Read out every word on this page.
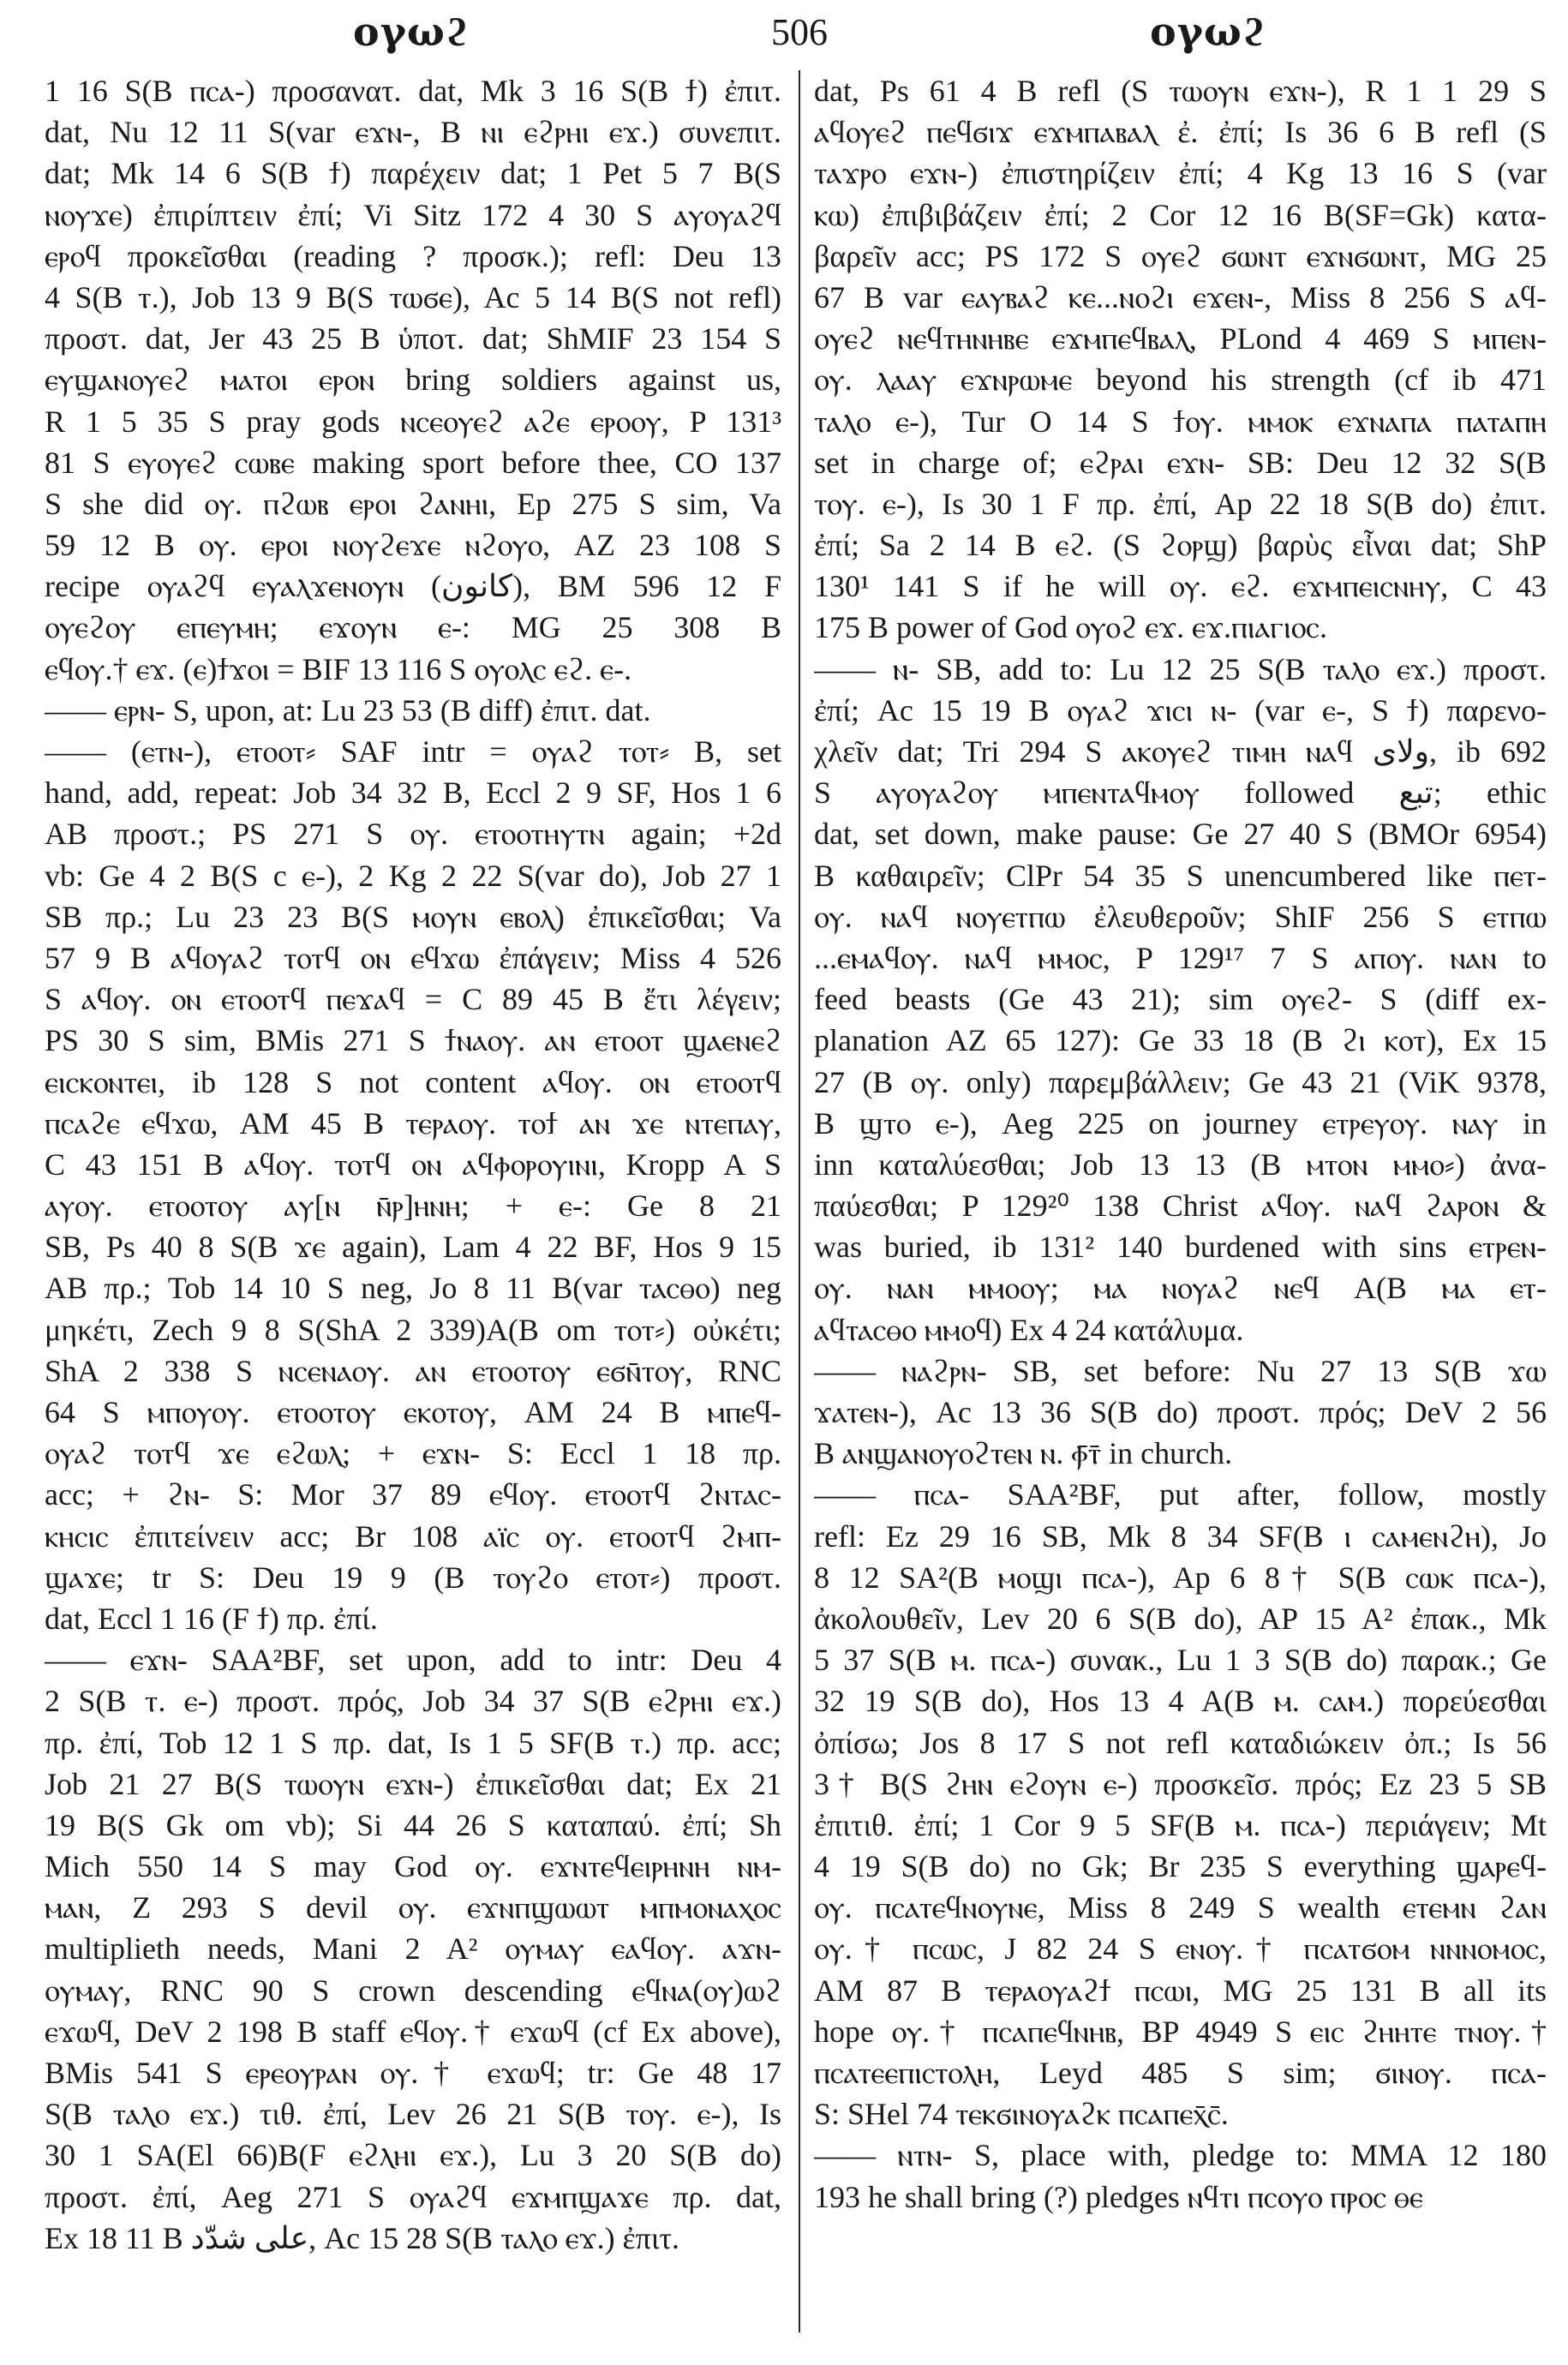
ογωϩ	506	ογωϩ
1 16 S(B ⲡⲥⲁ-) προσανατ. dat, Mk 3 16 S(B ϯ) ἐπιτ.
dat, Nu 12 11 S(var ⲉϫⲛ-, B ⲛⲓ ⲉϩⲣⲏⲓ ⲉϫ.) συνεπιτ.
dat; Mk 14 6 S(B ϯ) παρέχειν dat; 1 Pet 5 7 B(S
ⲛⲟⲩϫⲉ) ἐπιρίπτειν ἐπί; Vi Sitz 172 4 30 S ⲁⲩⲟⲩⲁϩϥ
ⲉⲣⲟϥ προκεῖσθαι (reading ? προσκ.); refl: Deu 13
4 S(B ⲧ.), Job 13 9 B(S ⲧⲱϭⲉ), Ac 5 14 B(S not refl)
προστ. dat, Jer 43 25 B ὑποτ. dat; ShMIF 23 154 S
ⲉⲩϣⲁⲛⲟⲩⲉϩ ⲙⲁⲧⲟⲓ ⲉⲣⲟⲛ bring soldiers against us,
R 1 5 35 S pray gods ⲛⲥⲉⲟⲩⲉϩ ⲁϩⲉ ⲉⲣⲟⲟⲩ, P 131³
81 S ⲉⲩⲟⲩⲉϩ ⲥⲱⲃⲉ making sport before thee, CO 137
S she did ⲟⲩ. ⲡϩⲱⲃ ⲉⲣⲟⲓ ϩⲁⲛⲏⲓ, Ep 275 S sim, Va
59 12 B ⲟⲩ. ⲉⲣⲟⲓ ⲛⲟⲩϩⲉϫⲉ ⲛϩⲟⲩⲟ, AZ 23 108 S
recipe ⲟⲩⲁϩϥ ⲉⲩⲁⲗϫⲉⲛⲟⲩⲛ (كانون), BM 596 12 F
ⲟⲩⲉϩⲟⲩ ⲉⲡⲉⲩⲙⲏ; ⲉϫⲟⲩⲛ ⲉ-: MG 25 308 B
ⲉϥⲟⲩ.† ⲉϫ. (ⲉ)ϯϫⲟⲓ = BIF 13 116 S ⲟⲩⲟⲗⲥ ⲉϩ. ⲉ-.
—— ⲉⲣⲛ- S, upon, at: Lu 23 53 (B diff) ἐπιτ. dat.
—— (ⲉⲧⲛ-), ⲉⲧⲟⲟⲧ⸗ SAF intr = ⲟⲩⲁϩ ⲧⲟⲧ⸗ B, set
hand, add, repeat: Job 34 32 B, Eccl 2 9 SF, Hos 1 6
AB προστ.; PS 271 S ⲟⲩ. ⲉⲧⲟⲟⲧⲏⲩⲧⲛ again; +2d
vb: Ge 4 2 B(S c ⲉ-), 2 Kg 2 22 S(var do), Job 27 1
SB πρ.; Lu 23 23 B(S ⲙⲟⲩⲛ ⲉⲃⲟⲗ) ἐπικεῖσθαι; Va
57 9 B ⲁϥⲟⲩⲁϩ ⲧⲟⲧϥ ⲟⲛ ⲉϥϫⲱ ἐπάγειν; Miss 4 526
S ⲁϥⲟⲩ. ⲟⲛ ⲉⲧⲟⲟⲧϥ ⲡⲉϫⲁϥ = C 89 45 B ἔτι λέγειν;
PS 30 S sim, BMis 271 S ϯⲛⲁⲟⲩ. ⲁⲛ ⲉⲧⲟⲟⲧ ϣⲁⲉⲛⲉϩ
ⲉⲓⲥⲕⲟⲛⲧⲉⲓ, ib 128 S not content ⲁϥⲟⲩ. ⲟⲛ ⲉⲧⲟⲟⲧϥ
ⲡⲥⲁϩⲉ ⲉϥϫⲱ, AM 45 B ⲧⲉⲣⲁⲟⲩ. ⲧⲟϯ ⲁⲛ ϫⲉ ⲛⲧⲉⲡⲁⲩ,
C 43 151 B ⲁϥⲟⲩ. ⲧⲟⲧϥ ⲟⲛ ⲁϥⲫⲟⲣⲟⲩⲓⲛⲓ, Kropp A S
ⲁⲩⲟⲩ. ⲉⲧⲟⲟⲧⲟⲩ ⲁⲩ[ⲛ ⲛ̄ⲣ]ⲏⲛⲏ; + ⲉ-: Ge 8 21
SB, Ps 40 8 S(B ϫⲉ again), Lam 4 22 BF, Hos 9 15
AB πρ.; Tob 14 10 S neg, Jo 8 11 B(var ⲧⲁⲥⲑⲟ) neg
μηκέτι, Zech 9 8 S(ShA 2 339)A(B om ⲧⲟⲧ⸗) οὐκέτι;
ShA 2 338 S ⲛⲥⲉⲛⲁⲟⲩ. ⲁⲛ ⲉⲧⲟⲟⲧⲟⲩ ⲉϭⲛ̄ⲧⲟⲩ, RNC
64 S ⲙⲡⲟⲩⲟⲩ. ⲉⲧⲟⲟⲧⲟⲩ ⲉⲕⲟⲧⲟⲩ, AM 24 B ⲙⲡⲉϥ-
ⲟⲩⲁϩ ⲧⲟⲧϥ ϫⲉ ⲉϩⲱⲗ; + ⲉϫⲛ- S: Eccl 1 18 πρ.
acc; + ϩⲛ- S: Mor 37 89 ⲉϥⲟⲩ. ⲉⲧⲟⲟⲧϥ ϩⲛⲧⲁⲥ-
ⲕⲏⲥⲓⲥ ἐπιτείνειν acc; Br 108 ⲁⲓ̈ⲥ ⲟⲩ. ⲉⲧⲟⲟⲧϥ ϩⲙⲡ-
ϣⲁϫⲉ; tr S: Deu 19 9 (B ⲧⲟⲩϩⲟ ⲉⲧⲟⲧ⸗) προστ.
dat, Eccl 1 16 (F ϯ) πρ. ἐπί.
—— ⲉϫⲛ- SAA²BF, set upon, add to intr: Deu 4
2 S(B ⲧ. ⲉ-) προστ. πρός, Job 34 37 S(B ⲉϩⲣⲏⲓ ⲉϫ.)
πρ. ἐπί, Tob 12 1 S πρ. dat, Is 1 5 SF(B ⲧ.) πρ. acc;
Job 21 27 B(S ⲧⲱⲟⲩⲛ ⲉϫⲛ-) ἐπικεῖσθαι dat; Ex 21
19 B(S Gk om vb); Si 44 26 S καταπαύ. ἐπί; Sh
Mich 550 14 S may God ⲟⲩ. ⲉϫⲛⲧⲉϥⲉⲓⲣⲏⲛⲏ ⲛⲙ-
ⲙⲁⲛ, Z 293 S devil ⲟⲩ. ⲉϫⲛⲡϣⲱⲱⲧ ⲙⲡⲙⲟⲛⲁⲭⲟⲥ
multiplieth needs, Mani 2 A² ⲟⲩⲙⲁⲩ ⲉⲁϥⲟⲩ. ⲁϫⲛ-
ⲟⲩⲙⲁⲩ, RNC 90 S crown descending ⲉϥⲛⲁ(ⲟⲩ)ⲱϩ
ⲉϫⲱϥ, DeV 2 198 B staff ⲉϥⲟⲩ.† ⲉϫⲱϥ (cf Ex above),
BMis 541 S ⲉⲣⲉⲟⲩⲣⲁⲛ ⲟⲩ.† ⲉϫⲱϥ; tr: Ge 48 17
S(B ⲧⲁⲗⲟ ⲉϫ.) τιθ. ἐπί, Lev 26 21 S(B ⲧⲟⲩ. ⲉ-), Is
30 1 SA(El 66)B(F ⲉϩⲗⲏⲓ ⲉϫ.), Lu 3 20 S(B do)
προστ. ἐπί, Aeg 271 S ⲟⲩⲁϩϥ ⲉϫⲙⲡϣⲁϫⲉ πρ. dat,
Ex 18 11 B على شدّد, Ac 15 28 S(B ⲧⲁⲗⲟ ⲉϫ.) ἐπιτ.
dat, Ps 61 4 B refl (S ⲧⲱⲟⲩⲛ ⲉϫⲛ-), R 1 1 29 S
ⲁϥⲟⲩⲉϩ ⲡⲉϥϭⲓϫ ⲉϫⲙⲡⲁⲃⲁⲗ ἐ. ἐπί; Is 36 6 B refl (S
ⲧⲁϫⲣⲟ ⲉϫⲛ-) ἐπιστηρίζειν ἐπί; 4 Kg 13 16 S (var
ⲕⲱ) ἐπιβιβάζειν ἐπί; 2 Cor 12 16 B(SF=Gk) κατα-
βαρεῖν acc; PS 172 S ⲟⲩⲉϩ ϭⲱⲛⲧ ⲉϫⲛϭⲱⲛⲧ, MG 25
67 B var ⲉⲁⲩⲃⲁϩ ⲕⲉ...ⲛⲟϩⲓ ⲉϫⲉⲛ-, Miss 8 256 S ⲁϥ-
ⲟⲩⲉϩ ⲛⲉϥⲧⲏⲛⲏⲃⲉ ⲉϫⲙⲡⲉϥⲃⲁⲗ, PLond 4 469 S ⲙⲡⲉⲛ-
ⲟⲩ. ⲗⲁⲁⲩ ⲉϫⲛⲣⲱⲙⲉ beyond his strength (cf ib 471
ⲧⲁⲗⲟ ⲉ-), Tur O 14 S ϯⲟⲩ. ⲙⲙⲟⲕ ⲉϫⲛⲁⲡⲁ ⲡⲁⲧⲁⲡⲏ
set in charge of; ⲉϩⲣⲁⲓ ⲉϫⲛ- SB: Deu 12 32 S(B
ⲧⲟⲩ. ⲉ-), Is 30 1 F πρ. ἐπί, Ap 22 18 S(B do) ἐπιτ.
ἐπί; Sa 2 14 B ⲉϩ. (S ϩⲟⲣϣ) βαρὺς εἶναι dat; ShP
130¹ 141 S if he will ⲟⲩ. ⲉϩ. ⲉϫⲙⲡⲉⲓⲥⲛⲏⲩ, C 43
175 B power of God ⲟⲩⲟϩ ⲉϫ. ⲉϫ.ⲡⲓⲁⲅⲓⲟⲥ.
—— ⲛ- SB, add to: Lu 12 25 S(B ⲧⲁⲗⲟ ⲉϫ.) προστ.
ἐπί; Ac 15 19 B ⲟⲩⲁϩ ϫⲓⲥⲓ ⲛ- (var ⲉ-, S ϯ) παρενο-
χλεῖν dat; Tri 294 S ⲁⲕⲟⲩⲉϩ ⲧⲓⲙⲏ ⲛⲁϥ ولاى, ib 692
S ⲁⲩⲟⲩⲁϩⲟⲩ ⲙⲡⲉⲛⲧⲁϥⲙⲟⲩ followed تبع; ethic
dat, set down, make pause: Ge 27 40 S (BMOr 6954)
B καθαιρεῖν; ClPr 54 35 S unencumbered like ⲡⲉⲧ-
ⲟⲩ. ⲛⲁϥ ⲛⲟⲩⲉⲧⲡⲱ ἐλευθεροῦν; ShIF 256 S ⲉⲧⲡⲱ
...ⲉⲙⲁϥⲟⲩ. ⲛⲁϥ ⲙⲙⲟⲥ, P 129¹⁷ 7 S ⲁⲡⲟⲩ. ⲛⲁⲛ to
feed beasts (Ge 43 21); sim ⲟⲩⲉϩ- S (diff ex-
planation AZ 65 127): Ge 33 18 (B ϩⲓ ⲕⲟⲧ), Ex 15
27 (B ⲟⲩ. only) παρεμβάλλειν; Ge 43 21 (ViK 9378,
B ϣⲧⲟ ⲉ-), Aeg 225 on journey ⲉⲧⲣⲉⲩⲟⲩ. ⲛⲁⲩ in
inn καταλύεσθαι; Job 13 13 (B ⲙⲧⲟⲛ ⲙⲙⲟ⸗) ἀνα-
παύεσθαι; P 129²⁰ 138 Christ ⲁϥⲟⲩ. ⲛⲁϥ ϩⲁⲣⲟⲛ &
was buried, ib 131² 140 burdened with sins ⲉⲧⲣⲉⲛ-
ⲟⲩ. ⲛⲁⲛ ⲙⲙⲟⲟⲩ; ⲙⲁ ⲛⲟⲩⲁϩ ⲛⲉϥ A(B ⲙⲁ ⲉⲧ-
ⲁϥⲧⲁⲥⲑⲟ ⲙⲙⲟϥ) Ex 4 24 κατάλυμα.
—— ⲛⲁϩⲣⲛ- SB, set before: Nu 27 13 S(B ϫⲱ
ϫⲁⲧⲉⲛ-), Ac 13 36 S(B do) προστ. πρός; DeV 2 56
B ⲁⲛϣⲁⲛⲟⲩⲟϩⲧⲉⲛ ⲛ. ⲫ̄ⲧ̄ in church.
—— ⲡⲥⲁ- SAA²BF, put after, follow, mostly
refl: Ez 29 16 SB, Mk 8 34 SF(B ⲓ ⲥⲁⲙⲉⲛϩⲏ), Jo
8 12 SA²(B ⲙⲟϣⲓ ⲡⲥⲁ-), Ap 6 8† S(B ⲥⲱⲕ ⲡⲥⲁ-),
ἀκολουθεῖν, Lev 20 6 S(B do), AP 15 A² ἐπακ., Mk
5 37 S(B ⲙ. ⲡⲥⲁ-) συνακ., Lu 1 3 S(B do) παρακ.; Ge
32 19 S(B do), Hos 13 4 A(B ⲙ. ⲥⲁⲙ.) πορεύεσθαι
ὀπίσω; Jos 8 17 S not refl καταδιώκειν ὀπ.; Is 56
3† B(S ϩⲏⲛ ⲉϩⲟⲩⲛ ⲉ-) προσκεῖσ. πρός; Ez 23 5 SB
ἐπιτιθ. ἐπί; 1 Cor 9 5 SF(B ⲙ. ⲡⲥⲁ-) περιάγειν; Mt
4 19 S(B do) no Gk; Br 235 S everything ϣⲁⲣⲉϥ-
ⲟⲩ. ⲡⲥⲁⲧⲉϥⲛⲟⲩⲛⲉ, Miss 8 249 S wealth ⲉⲧⲉⲙⲛ ϩⲁⲛ
ⲟⲩ.† ⲡⲥⲱⲥ, J 82 24 S ⲉⲛⲟⲩ.† ⲡⲥⲁⲧϭⲟⲙ ⲛⲛⲛⲟⲙⲟⲥ,
AM 87 B ⲧⲉⲣⲁⲟⲩⲁϩϯ ⲡⲥⲱⲓ, MG 25 131 B all its
hope ⲟⲩ.† ⲡⲥⲁⲡⲉϥⲛⲏⲃ, BP 4949 S ⲉⲓⲥ ϩⲏⲏⲧⲉ ⲧⲛⲟⲩ.†
ⲡⲥⲁⲧⲉⲉⲡⲓⲥⲧⲟⲗⲏ, Leyd 485 S sim; ϭⲓⲛⲟⲩ. ⲡⲥⲁ-
S: SHel 74 ⲧⲉⲕϭⲓⲛⲟⲩⲁϩⲕ ⲡⲥⲁⲡⲉⲭ̄ⲥ̄.
—— ⲛⲧⲛ- S, place with, pledge to: MMA 12 180
193 he shall bring (?) pledges ⲛϥⲧⲓ ⲡⲥⲟⲩⲟ ⲡⲣⲟⲥ ⲑⲉ
